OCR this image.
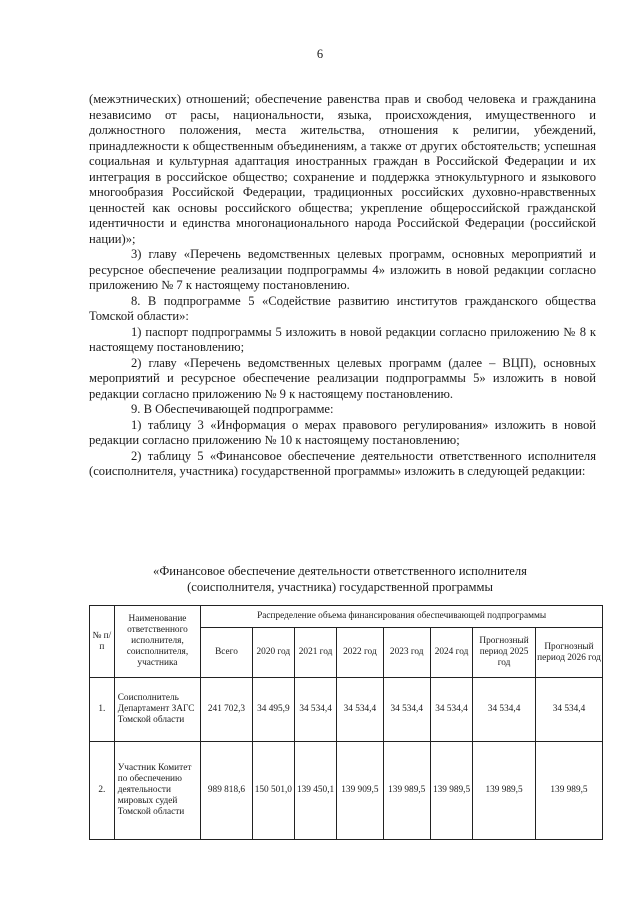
6

(межэтнических) отношений; обеспечение равенства прав и свобод человека и гражданина независимо от расы, национальности, языка, происхождения, имущественного и должностного положения, места жительства, отношения к религии, убеждений, принадлежности к общественным объединениям, а также от других обстоятельств; успешная социальная и культурная адаптация иностранных граждан в Российской Федерации и их интеграция в российское общество; сохранение и поддержка этнокультурного и языкового многообразия Российской Федерации, традиционных российских духовно-нравственных ценностей как основы российского общества; укрепление общероссийской гражданской идентичности и единства многонационального народа Российской Федерации (российской нации)»;

3) главу «Перечень ведомственных целевых программ, основных мероприятий и ресурсное обеспечение реализации подпрограммы 4» изложить в новой редакции согласно приложению № 7 к настоящему постановлению.

8. В подпрограмме 5 «Содействие развитию институтов гражданского общества Томской области»:

1) паспорт подпрограммы 5 изложить в новой редакции согласно приложению № 8 к настоящему постановлению;

2) главу «Перечень ведомственных целевых программ (далее – ВЦП), основных мероприятий и ресурсное обеспечение реализации подпрограммы 5» изложить в новой редакции согласно приложению № 9 к настоящему постановлению.

9. В Обеспечивающей подпрограмме:

1) таблицу 3 «Информация о мерах правового регулирования» изложить в новой редакции согласно приложению № 10 к настоящему постановлению;

2) таблицу 5 «Финансовое обеспечение деятельности ответственного исполнителя (соисполнителя, участника) государственной программы» изложить в следующей редакции:

«Финансовое обеспечение деятельности ответственного исполнителя
(соисполнителя, участника) государственной программы
№ п/п	Наименование ответственного исполнителя, соисполнителя, участника	Распределение объема финансирования обеспечивающей подпрограммы							
		Всего	2020 год	2021 год	2022 год	2023 год	2024 год	Прогнозный период 2025 год	Прогнозный период 2026 год
1.	Соисполнитель Департамент ЗАГС Томской области	241 702,3	34 495,9	34 534,4	34 534,4	34 534,4	34 534,4	34 534,4	34 534,4
2.	Участник Комитет по обеспечению деятельности мировых судей Томской области	989 818,6	150 501,0	139 450,1	139 909,5	139 989,5	139 989,5	139 989,5	139 989,5
